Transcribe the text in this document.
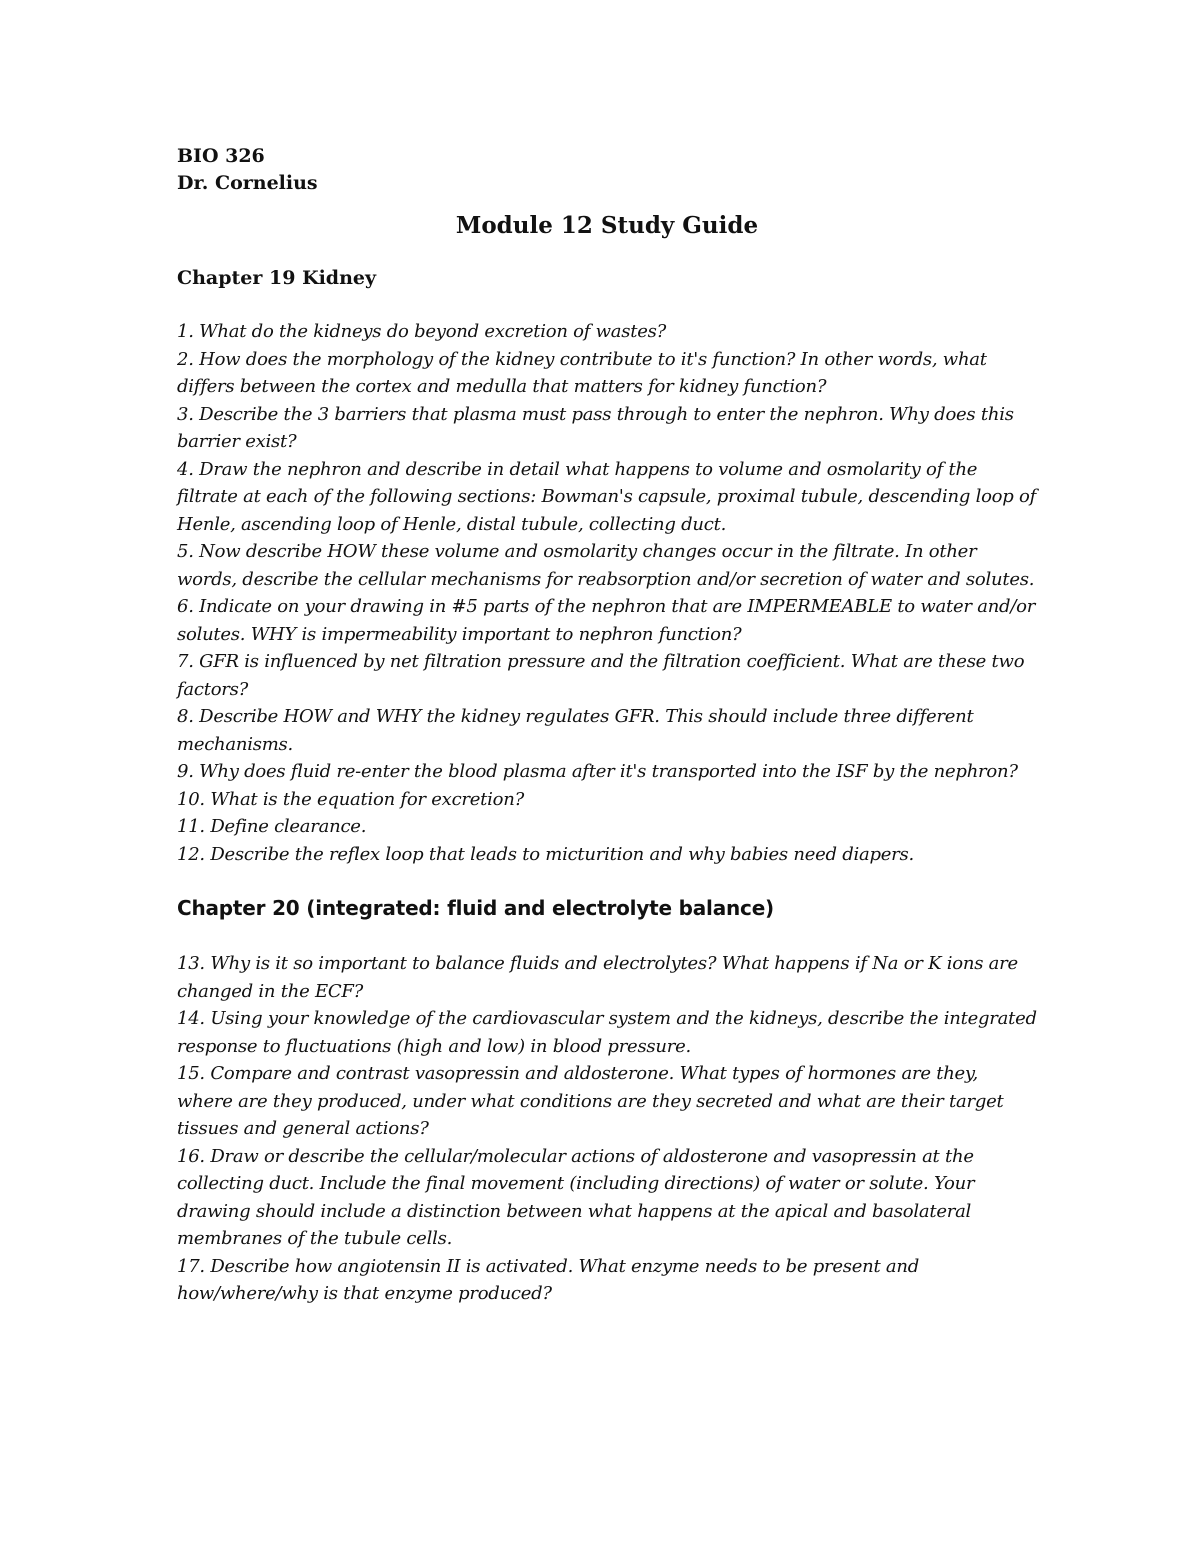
BIO 326

Dr. Cornelius

Module 12 Study Guide
Chapter 19 Kidney
1. What do the kidneys do beyond excretion of wastes?
2. How does the morphology of the kidney contribute to it's function? In other words, what differs between the cortex and medulla that matters for kidney function?
3. Describe the 3 barriers that plasma must pass through to enter the nephron. Why does this barrier exist?
4. Draw the nephron and describe in detail what happens to volume and osmolarity of the filtrate at each of the following sections: Bowman's capsule, proximal tubule, descending loop of Henle, ascending loop of Henle, distal tubule, collecting duct.
5. Now describe HOW these volume and osmolarity changes occur in the filtrate. In other words, describe the cellular mechanisms for reabsorption and/or secretion of water and solutes.
6. Indicate on your drawing in #5 parts of the nephron that are IMPERMEABLE to water and/or solutes. WHY is impermeability important to nephron function?
7. GFR is influenced by net filtration pressure and the filtration coefficient. What are these two factors?
8. Describe HOW and WHY the kidney regulates GFR. This should include three different mechanisms.
9. Why does fluid re-enter the blood plasma after it's transported into the ISF by the nephron?
10. What is the equation for excretion?
11. Define clearance.
12. Describe the reflex loop that leads to micturition and why babies need diapers.
Chapter 20 (integrated: fluid and electrolyte balance)
13. Why is it so important to balance fluids and electrolytes? What happens if Na or K ions are changed in the ECF?
14. Using your knowledge of the cardiovascular system and the kidneys, describe the integrated response to fluctuations (high and low) in blood pressure.
15. Compare and contrast vasopressin and aldosterone. What types of hormones are they, where are they produced, under what conditions are they secreted and what are their target tissues and general actions?
16. Draw or describe the cellular/molecular actions of aldosterone and vasopressin at the collecting duct. Include the final movement (including directions) of water or solute. Your drawing should include a distinction between what happens at the apical and basolateral membranes of the tubule cells.
17. Describe how angiotensin II is activated. What enzyme needs to be present and how/where/why is that enzyme produced?
